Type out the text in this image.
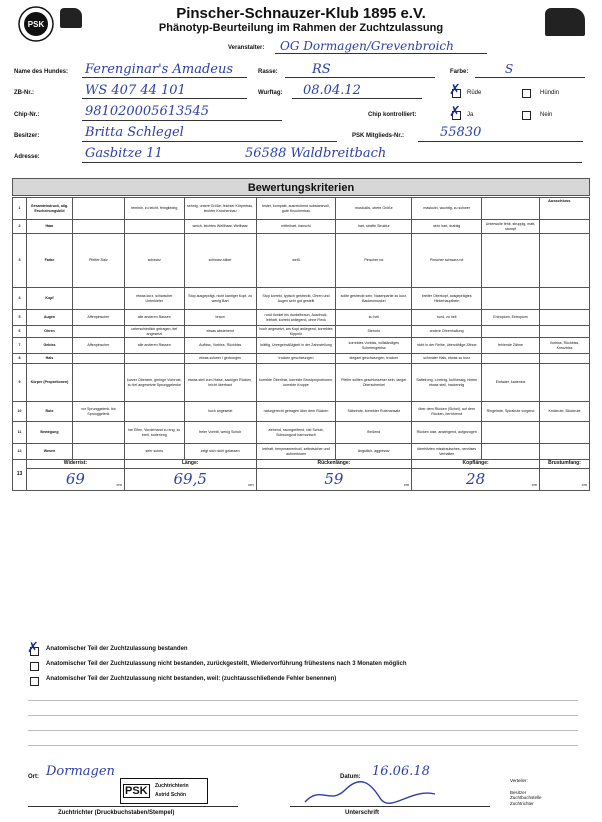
PSK
Pinscher-Schnauzer-Klub 1895 e.V.
Phänotyp-Beurteilung im Rahmen der Zuchtzulassung
Veranstalter: OG Dormagen/Grevenbroich
Name des Hundes: Ferenginar's Amadeus	Rasse:	RS	Farbe:	S
ZB-Nr.:	WS 407 44 101	Wurftag: 08.04.12	✗ Rüde	Hündin
Chip-Nr.:	981020005613545	Chip kontrolliert: ✗ Ja	Nein
Besitzer:	Britta Schlegel	PSK Mitglieds-Nr.:	55830
Adresse:	Gasbitze 11	56588 Waldbreitbach
Bewertungskriterien
Ausschluss
1	Gesamteindruck, allg. Erscheinungsbild		feminin, zu leicht, feingliedrig	sehnig, untere Größe, leichter Körperbau, leichter Knochenbau	fester, kompakt, ausreichend substanzvoll, gute Knochenbau	muskulös, obere Größe	maskulin, wuchtig, zu schwer		
2	Haar			weich, leichtes Welllhaar, Wellhaar	mittelhart, hanschi	hart, straffe Struktur	sehr hart, drahtig	Unterwolle fehlt, struppig, matt, stumpf	
3	Farbe	Pfeffer-Salz	schwarz	schwarz-silber	weiß	Pinscher rot	Pinscher schwarz-rot		
4	Kopf		etwas kurz, schwacher Unterkiefer	Stop ausgeprägt, nicht kantiger Kopf, zu wenig Bart	Stop korrekt, typisch gestreckt, Ohren und Augen sehr gut gestellt	sollte gestreckt sein, Nasenpartie zu kurz, Backenmuskel	breiter Oberkopf, ausgeprägtes Hinterhauptbein		
5	Augen	Affenpinscher	alle anderen Rassen	braun	rund dunkel bis dunkelbraun, Ausdruck, lebhaft, korrekt anliegend, ohne Fleck	zu hell	rund, zu hell	Entropium, Ektropium	
6	Ohren		unterschiedlich getragen, tief angesetzt	etwas abstehend	hoch angesetzt, am Kopf anliegend, korrektes Kippohr	Stehohr	andere Ohrenhaltung		
7	Gebiss	Affenpinscher	alle anderen Rassen	Aufbiss, Vorbiss, Rückbiss	kräftig, Unregelmäßigkeit in der Zahnstellung	korrektes Vorbiss, vollständiges Scherengebiss	nicht in der Reihe, überzählige Zähne	fehlende Zähne	Vorbiss, Rückbiss, Kreuzbiss
8	Hals			etwas schwer / gedrungen	trocken geschwungen	elegant geschwungen, trocken	schmaler Hals, etwas zu kurz		
9	Körper (Proportionen)		kurzer Oberarm, geringe Vorbrust, zu tief angesetzte Sprunggelenke	etwas steil zum Halse, sackiger Rücken, leicht überbaut	korrekte Oberlinie, korrekte Brustproportionen, korrekte Kruppe	Pfeiler sollten geschlossener sein, langer Oberschenkel	Sattelrong, x-beinig, kuhhessig, hinten etwas steil, hackennig	Einfader, kadenlos	
10	Rute	vor Sprunggelenk, bis Sprunggelenk		hoch angesetzt	naturgerecht getragen über dem Rücken	Säbelrute, korrekter Rutenansatz	über dem Rücken (Sichel), auf dem Rücken, berührend	Ringelrute, Spiralrute vorgend	Knickrute, Blockrute
11	Bewegung		bei Ellen, Vorderhand zu eng, zu breit, bodeneng	freier Vortritt, wenig Schub	ziehend, raumgreifend, viel Schub, Schwungvoll harmonisch	fließend	Rücken lose, ansteigend, aufgezogen		
12	Wesen		sehr scheu	zeigt sich nicht gelassen	lebhaft, temperamentvoll, selbstsicher und aufmerksam	ängstlich, aggressiv	überhitzten misstrauisches, nervöses Verhalten		
13	Widerrist:		Länge:		Rückenlänge:		Kopflänge:		Brustumfang:
	69 cm		69,5 cm		59 cm		28 cm		cm
✗ Anatomischer Teil der Zuchtzulassung bestanden
Anatomischer Teil der Zuchtzulassung nicht bestanden, zurückgestellt, Wiedervorführung frühestens nach 3 Monaten möglich
Anatomischer Teil der Zuchtzulassung nicht bestanden, weil: (zuchtausschließende Fehler benennen)
Ort: Dormagen
PSK	Zuchtrichterin
Astrid Schön
Zuchtrichter (Druckbuchstaben/Stempel)
Datum: 16.06.18
Unterschrift
Verteiler:
Besitzer
Zuchtbuchstelle
Zuchtrichter
